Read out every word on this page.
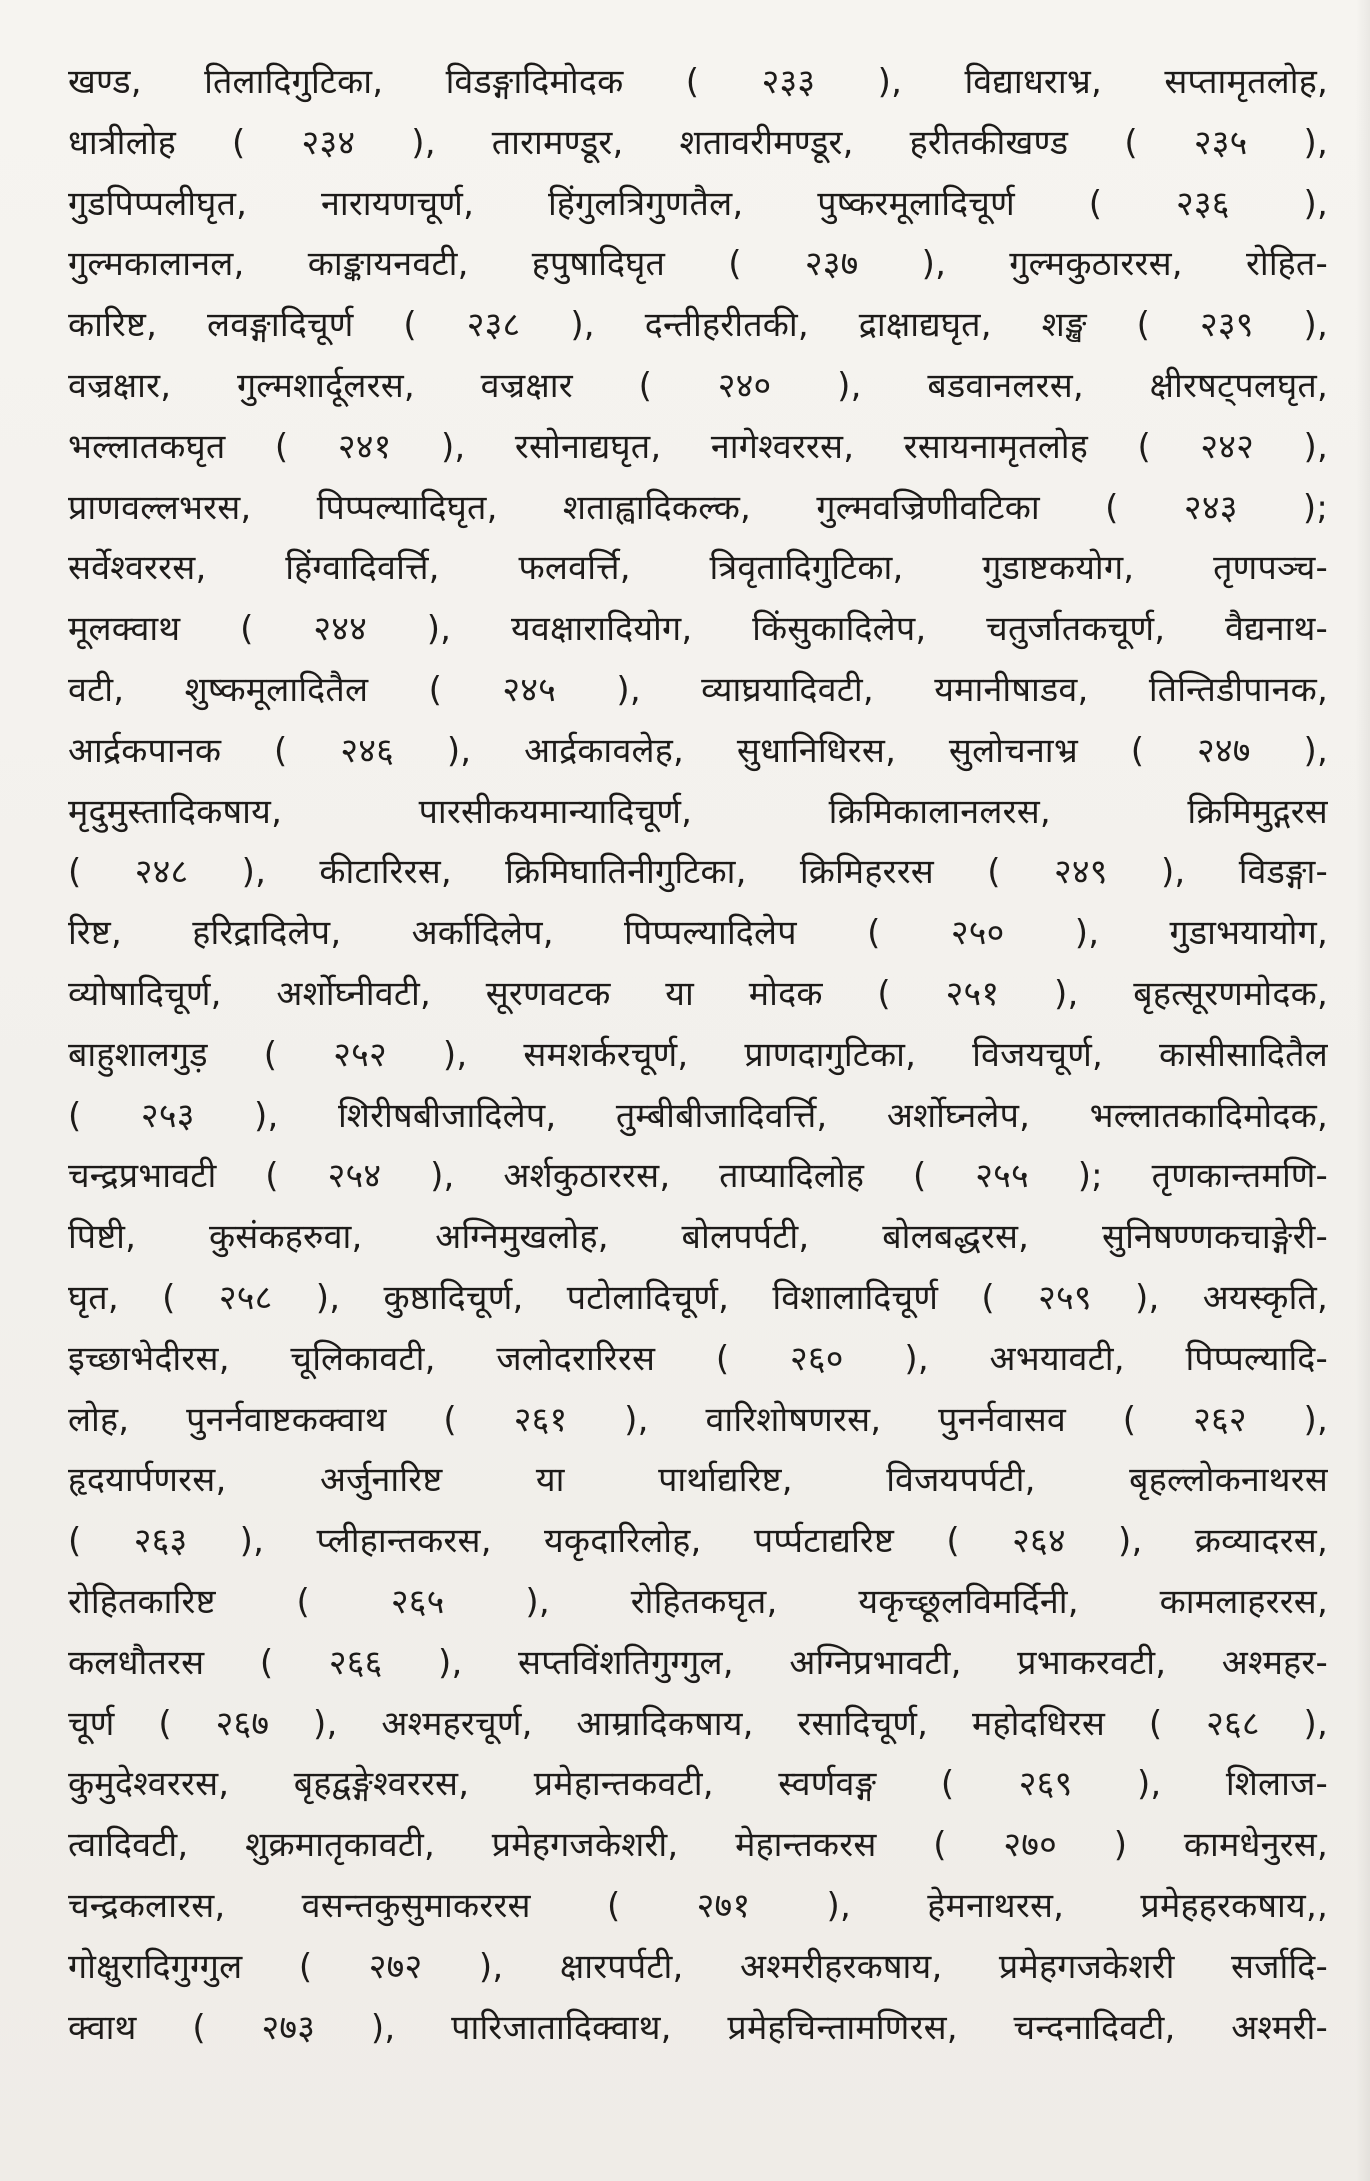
खण्ड, तिलादिगुटिका, विडङ्गादिमोदक ( २३३ ), विद्याधराभ्र, सप्तामृतलोह,
धात्रीलोह ( २३४ ), तारामण्डूर, शतावरीमण्डूर, हरीतकीखण्ड ( २३५ ),
गुडपिप्पलीघृत, नारायणचूर्ण, हिंगुलत्रिगुणतैल, पुष्करमूलादिचूर्ण ( २३६ ),
गुल्मकालानल, काङ्कायनवटी, हपुषादिघृत ( २३७ ), गुल्मकुठाररस, रोहित-
कारिष्ट, लवङ्गादिचूर्ण ( २३८ ), दन्तीहरीतकी, द्राक्षाद्यघृत, शङ्ख ( २३९ ),
वज्रक्षार, गुल्मशार्दूलरस, वज्रक्षार ( २४० ), बडवानलरस, क्षीरषट्पलघृत,
भल्लातकघृत ( २४१ ), रसोनाद्यघृत, नागेश्वररस, रसायनामृतलोह ( २४२ ),
प्राणवल्लभरस, पिप्पल्यादिघृत, शताह्वादिकल्क, गुल्मवज्रिणीवटिका ( २४३ );
सर्वेश्वररस, हिंग्वादिवर्त्ति, फलवर्त्ति, त्रिवृतादिगुटिका, गुडाष्टकयोग, तृणपञ्च-
मूलक्वाथ ( २४४ ), यवक्षारादियोग, किंसुकादिलेप, चतुर्जातकचूर्ण, वैद्यनाथ-
वटी, शुष्कमूलादितैल ( २४५ ), व्याघ्रयादिवटी, यमानीषाडव, तिन्तिडीपानक,
आर्द्रकपानक ( २४६ ), आर्द्रकावलेह, सुधानिधिरस, सुलोचनाभ्र ( २४७ ),
मृदुमुस्तादिकषाय, पारसीकयमान्यादिचूर्ण, क्रिमिकालानलरस, क्रिमिमुद्गरस
( २४८ ), कीटारिरस, क्रिमिघातिनीगुटिका, क्रिमिहररस ( २४९ ), विडङ्गा-
रिष्ट, हरिद्रादिलेप, अर्कादिलेप, पिप्पल्यादिलेप ( २५० ), गुडाभयायोग,
व्योषादिचूर्ण, अर्शोघ्नीवटी, सूरणवटक या मोदक ( २५१ ), बृहत्सूरणमोदक,
बाहुशालगुड़ ( २५२ ), समशर्करचूर्ण, प्राणदागुटिका, विजयचूर्ण, कासीसादितैल
( २५३ ), शिरीषबीजादिलेप, तुम्बीबीजादिवर्त्ति, अर्शोघ्नलेप, भल्लातकादिमोदक,
चन्द्रप्रभावटी ( २५४ ), अर्शकुठाररस, ताप्यादिलोह ( २५५ ); तृणकान्तमणि-
पिष्टी, कुसंकहरुवा, अग्निमुखलोह, बोलपर्पटी, बोलबद्धरस, सुनिषण्णकचाङ्गेरी-
घृत, ( २५८ ), कुष्ठादिचूर्ण, पटोलादिचूर्ण, विशालादिचूर्ण ( २५९ ), अयस्कृति,
इच्छाभेदीरस, चूलिकावटी, जलोदरारिरस ( २६० ), अभयावटी, पिप्पल्यादि-
लोह, पुनर्नवाष्टकक्वाथ ( २६१ ), वारिशोषणरस, पुनर्नवासव ( २६२ ),
हृदयार्पणरस, अर्जुनारिष्ट या पार्थाद्यरिष्ट, विजयपर्पटी, बृहल्लोकनाथरस
( २६३ ), प्लीहान्तकरस, यकृदारिलोह, पर्प्पटाद्यरिष्ट ( २६४ ), क्रव्यादरस,
रोहितकारिष्ट ( २६५ ), रोहितकघृत, यकृच्छूलविमर्दिनी, कामलाहररस,
कलधौतरस ( २६६ ), सप्तविंशतिगुग्गुल, अग्निप्रभावटी, प्रभाकरवटी, अश्महर-
चूर्ण ( २६७ ), अश्महरचूर्ण, आम्रादिकषाय, रसादिचूर्ण, महोदधिरस ( २६८ ),
कुमुदेश्वररस, बृहद्वङ्गेश्वररस, प्रमेहान्तकवटी, स्वर्णवङ्ग ( २६९ ), शिलाज-
त्वादिवटी, शुक्रमातृकावटी, प्रमेहगजकेशरी, मेहान्तकरस ( २७० ) कामधेनुरस,
चन्द्रकलारस, वसन्तकुसुमाकररस ( २७१ ), हेमनाथरस, प्रमेहहरकषाय,,
गोक्षुरादिगुग्गुल ( २७२ ), क्षारपर्पटी, अश्मरीहरकषाय, प्रमेहगजकेशरी सर्जादि-
क्वाथ ( २७३ ), पारिजातादिक्वाथ, प्रमेहचिन्तामणिरस, चन्दनादिवटी, अश्मरी-
